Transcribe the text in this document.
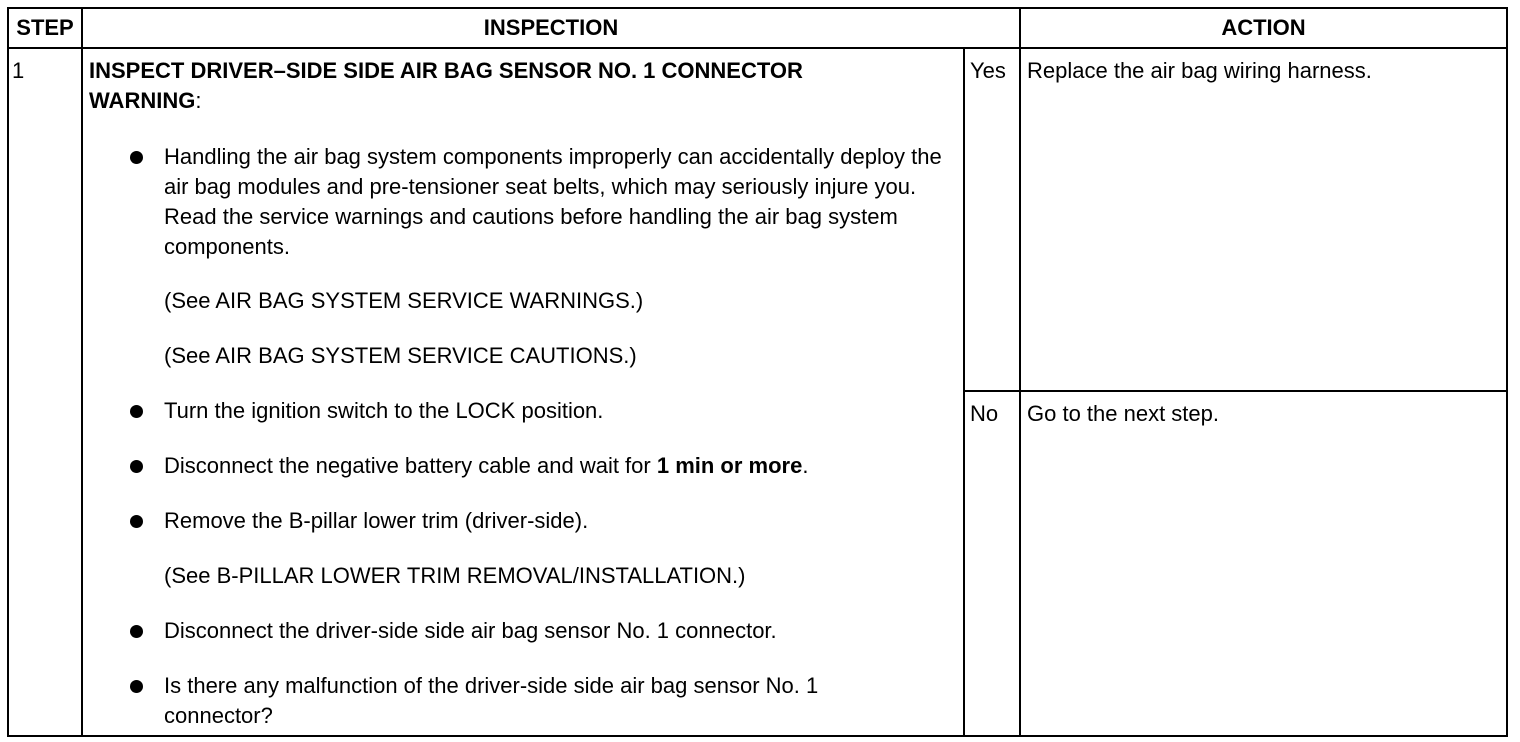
STEP	INSPECTION	ACTION
1	INSPECT DRIVER–SIDE SIDE AIR BAG SENSOR NO. 1 CONNECTOR
WARNING:
Handling the air bag system components improperly can accidentally deploy the air bag modules and pre-tensioner seat belts, which may seriously injure you. Read the service warnings and cautions before handling the air bag system components.
(See AIR BAG SYSTEM SERVICE WARNINGS.)
(See AIR BAG SYSTEM SERVICE CAUTIONS.)
Turn the ignition switch to the LOCK position.
Disconnect the negative battery cable and wait for 1 min or more.
Remove the B-pillar lower trim (driver-side).
(See B-PILLAR LOWER TRIM REMOVAL/INSTALLATION.)
Disconnect the driver-side side air bag sensor No. 1 connector.
Is there any malfunction of the driver-side side air bag sensor No. 1 connector?
Yes Replace the air bag wiring harness.
No Go to the next step.
